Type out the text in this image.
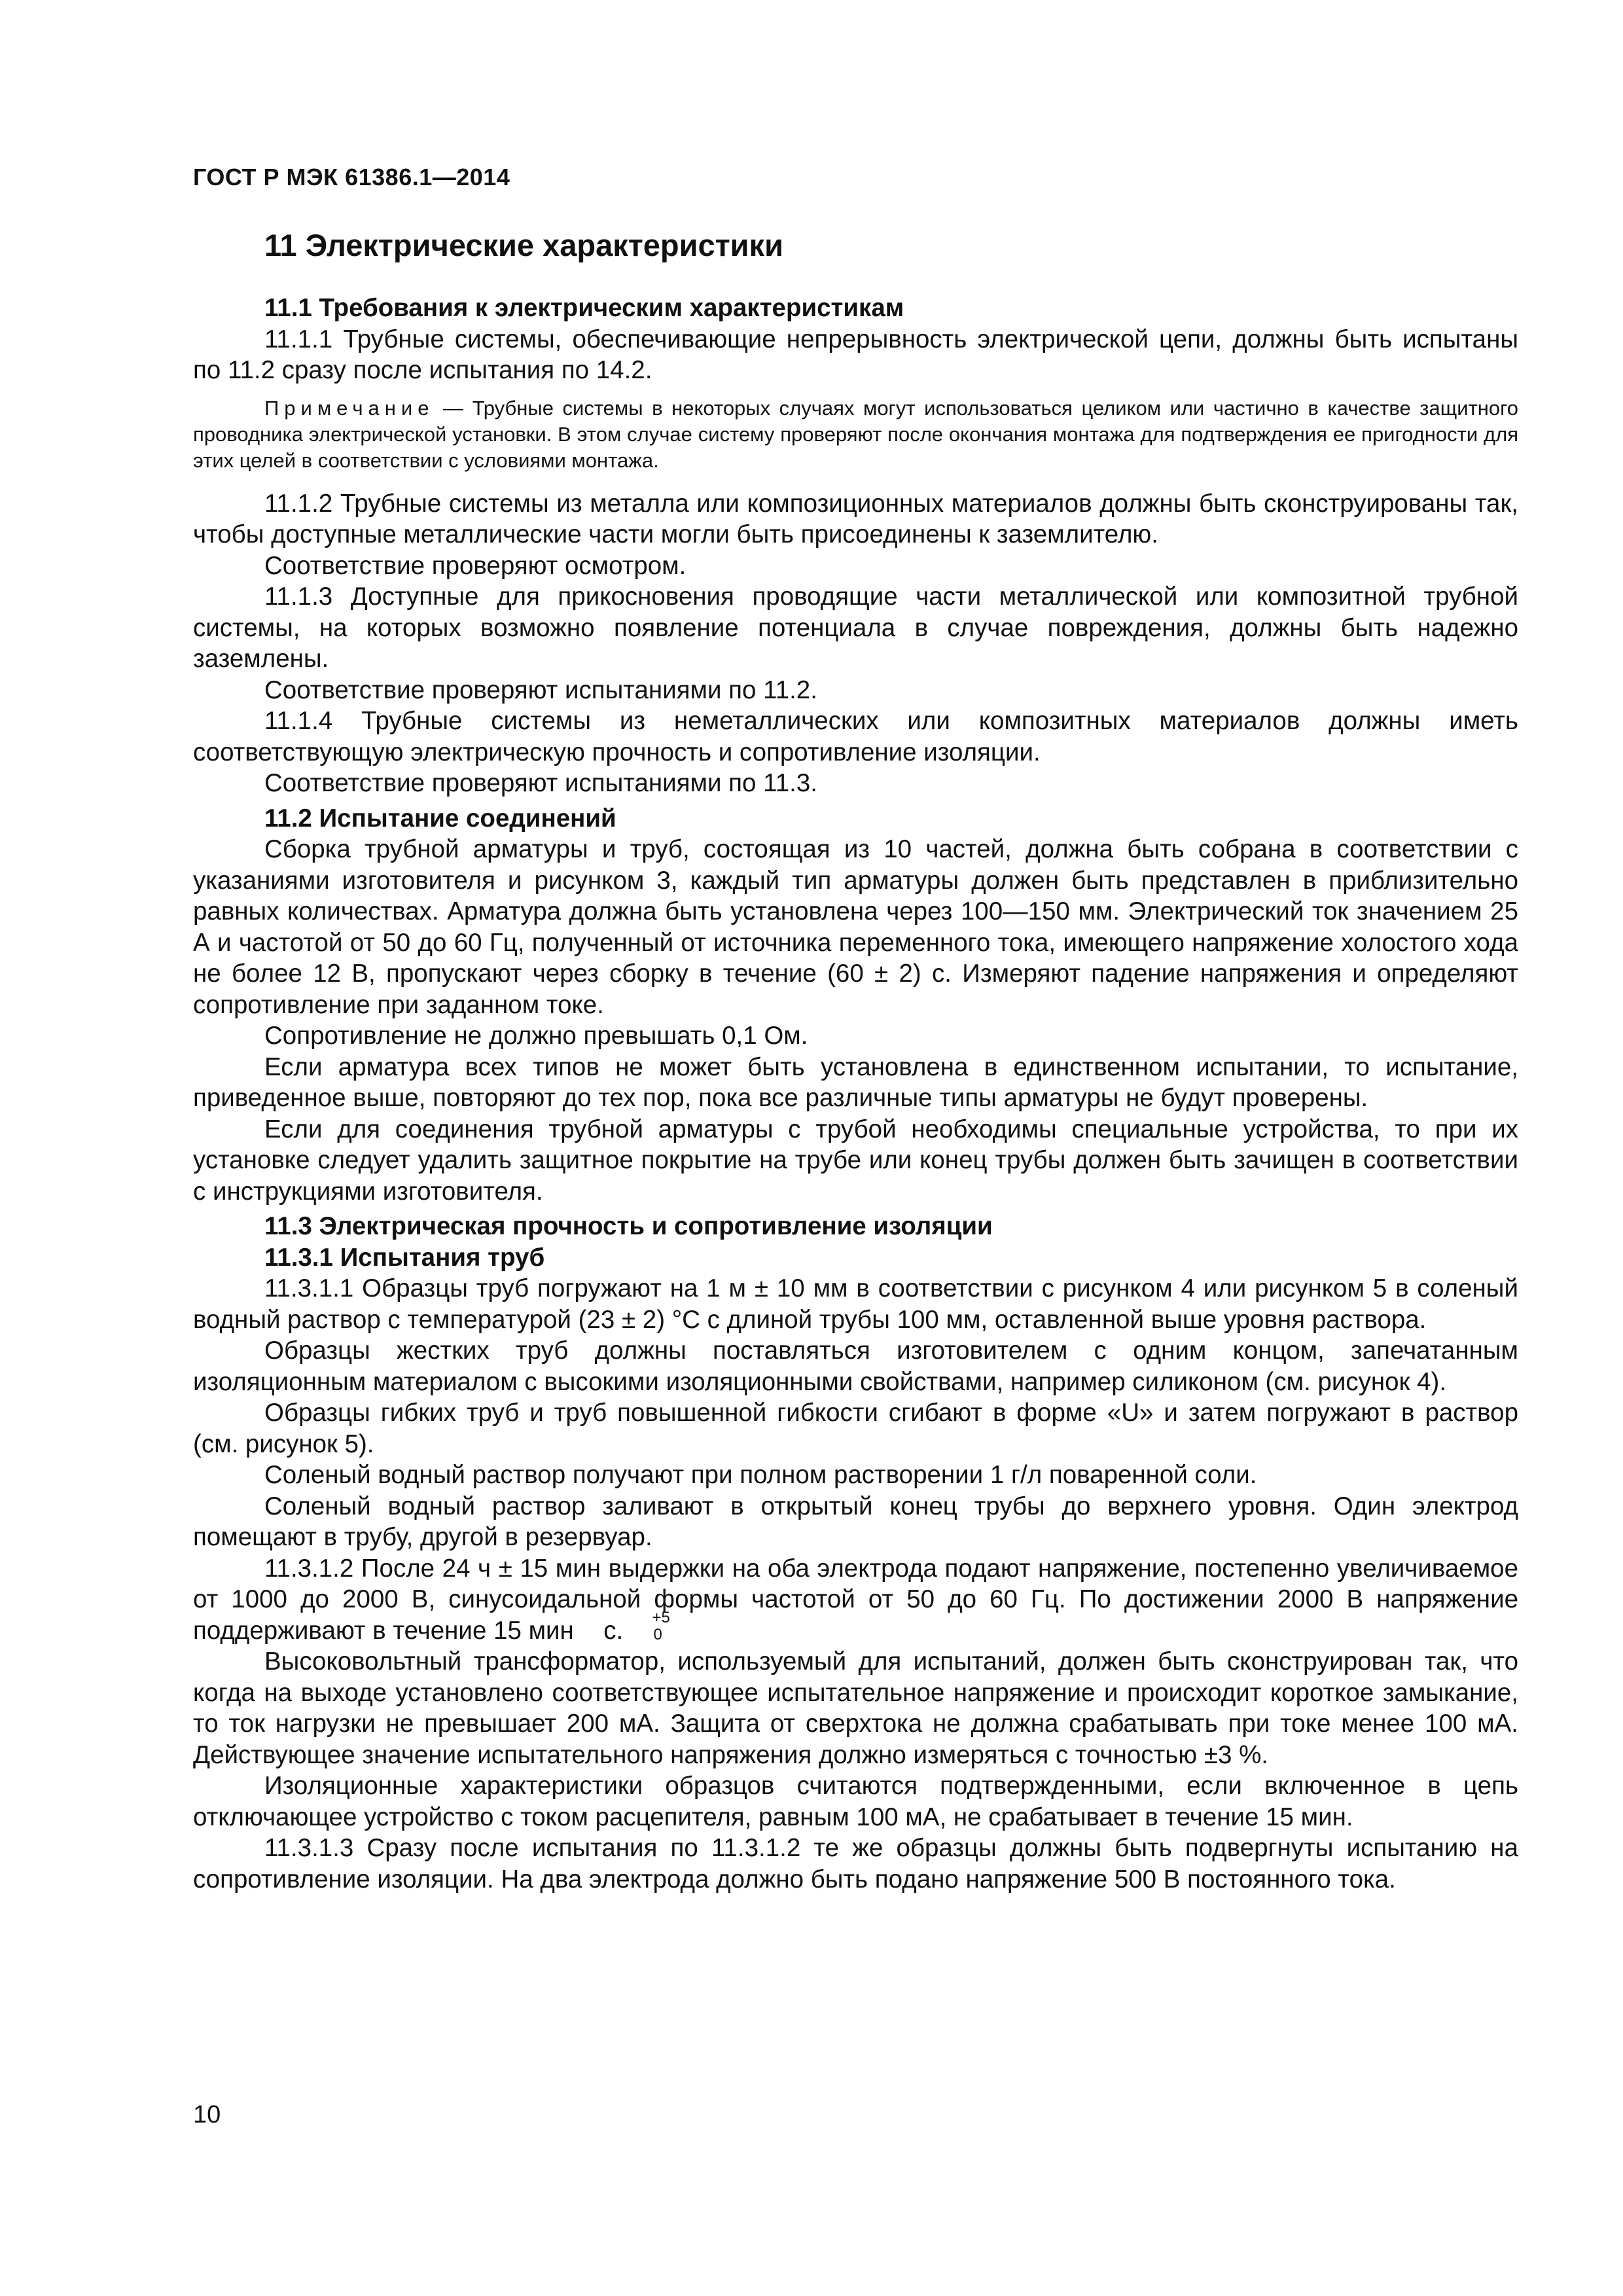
ГОСТ Р МЭК 61386.1—2014
11 Электрические характеристики
11.1 Требования к электрическим характеристикам

11.1.1 Трубные системы, обеспечивающие непрерывность электрической цепи, должны быть испытаны по 11.2 сразу после испытания по 14.2.

Примечание — Трубные системы в некоторых случаях могут использоваться целиком или частично в качестве защитного проводника электрической установки. В этом случае систему проверяют после окончания монтажа для подтверждения ее пригодности для этих целей в соответствии с условиями монтажа.

11.1.2 Трубные системы из металла или композиционных материалов должны быть сконструированы так, чтобы доступные металлические части могли быть присоединены к заземлителю.

Соответствие проверяют осмотром.

11.1.3 Доступные для прикосновения проводящие части металлической или композитной трубной системы, на которых возможно появление потенциала в случае повреждения, должны быть надежно заземлены.

Соответствие проверяют испытаниями по 11.2.

11.1.4 Трубные системы из неметаллических или композитных материалов должны иметь соответствующую электрическую прочность и сопротивление изоляции.

Соответствие проверяют испытаниями по 11.3.

11.2 Испытание соединений

Сборка трубной арматуры и труб, состоящая из 10 частей, должна быть собрана в соответствии с указаниями изготовителя и рисунком 3, каждый тип арматуры должен быть представлен в приблизительно равных количествах. Арматура должна быть установлена через 100—150 мм. Электрический ток значением 25 А и частотой от 50 до 60 Гц, полученный от источника переменного тока, имеющего напряжение холостого хода не более 12 В, пропускают через сборку в течение (60 ± 2) с. Измеряют падение напряжения и определяют сопротивление при заданном токе.

Сопротивление не должно превышать 0,1 Ом.

Если арматура всех типов не может быть установлена в единственном испытании, то испытание, приведенное выше, повторяют до тех пор, пока все различные типы арматуры не будут проверены.

Если для соединения трубной арматуры с трубой необходимы специальные устройства, то при их установке следует удалить защитное покрытие на трубе или конец трубы должен быть зачищен в соответствии с инструкциями изготовителя.

11.3 Электрическая прочность и сопротивление изоляции
11.3.1 Испытания труб

11.3.1.1 Образцы труб погружают на 1 м ± 10 мм в соответствии с рисунком 4 или рисунком 5 в соленый водный раствор с температурой (23 ± 2) °С с длиной трубы 100 мм, оставленной выше уровня раствора.

Образцы жестких труб должны поставляться изготовителем с одним концом, запечатанным изоляционным материалом с высокими изоляционными свойствами, например силиконом (см. рисунок 4).

Образцы гибких труб и труб повышенной гибкости сгибают в форме «U» и затем погружают в раствор (см. рисунок 5).

Соленый водный раствор получают при полном растворении 1 г/л поваренной соли.

Соленый водный раствор заливают в открытый конец трубы до верхнего уровня. Один электрод помещают в трубу, другой в резервуар.

11.3.1.2 После 24 ч ± 15 мин выдержки на оба электрода подают напряжение, постепенно увеличиваемое от 1000 до 2000 В, синусоидальной формы частотой от 50 до 60 Гц. По достижении 2000 В напряжение поддерживают в течение 15 мин	+5
0
с.

Высоковольтный трансформатор, используемый для испытаний, должен быть сконструирован так, что когда на выходе установлено соответствующее испытательное напряжение и происходит короткое замыкание, то ток нагрузки не превышает 200 мА. Защита от сверхтока не должна срабатывать при токе менее 100 мА. Действующее значение испытательного напряжения должно измеряться с точностью ±3 %.

Изоляционные характеристики образцов считаются подтвержденными, если включенное в цепь отключающее устройство с током расцепителя, равным 100 мА, не срабатывает в течение 15 мин.

11.3.1.3 Сразу после испытания по 11.3.1.2 те же образцы должны быть подвергнуты испытанию на сопротивление изоляции. На два электрода должно быть подано напряжение 500 В постоянного тока.

10
